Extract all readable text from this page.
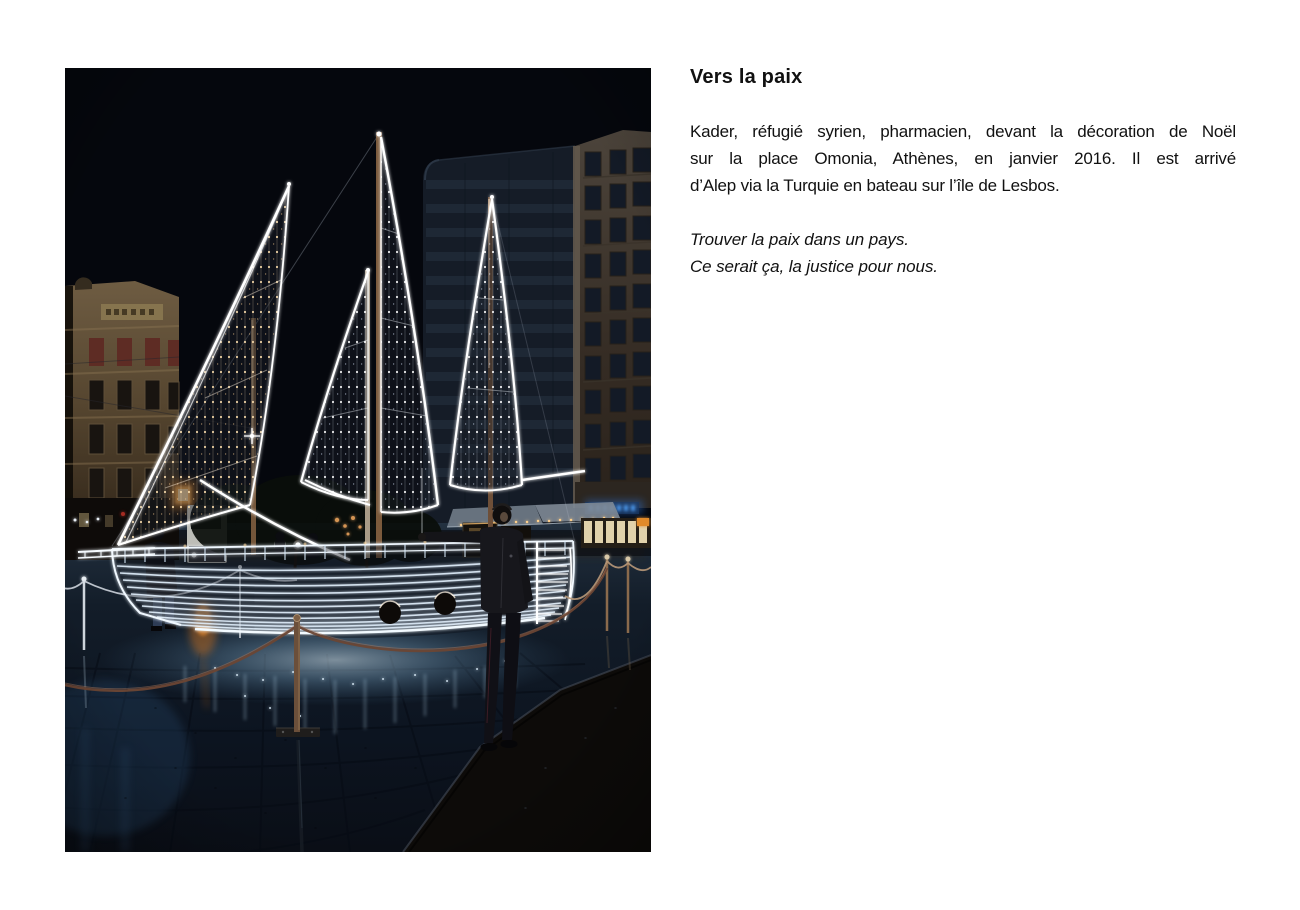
Vers la paix
Kader, réfugié syrien, pharmacien, devant la décoration de Noël
sur la place Omonia, Athènes, en janvier 2016. Il est arrivé
d’Alep via la Turquie en bateau sur l’île de Lesbos.
Trouver la paix dans un pays.
Ce serait ça, la justice pour nous.
